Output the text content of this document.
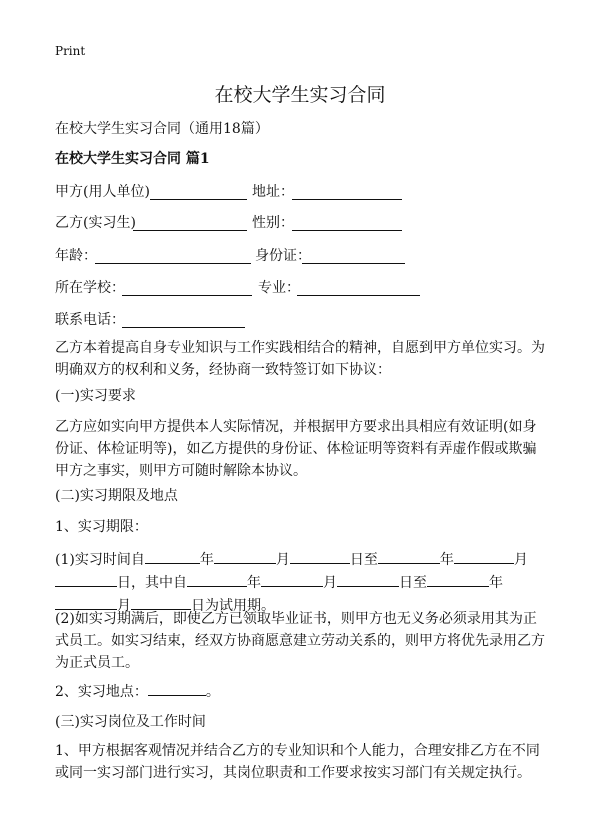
Print
在校大学生实习合同
在校大学生实习合同（通用18篇）
在校大学生实习合同 篇1
甲方(用人单位)	地址：
乙方(实习生)	性别：
年龄：	身份证：
所在学校：	专业：
联系电话：
乙方本着提高自身专业知识与工作实践相结合的精神，自愿到甲方单位实习。为明确双方的权利和义务，经协商一致特签订如下协议：
(一)实习要求
乙方应如实向甲方提供本人实际情况，并根据甲方要求出具相应有效证明(如身份证、体检证明等)，如乙方提供的身份证、体检证明等资料有弄虚作假或欺骗甲方之事实，则甲方可随时解除本协议。
(二)实习期限及地点
1、实习期限：
(1)实习时间自	年	月	日至	年	月
日，其中自	年	月	日至	年
月	日为试用期。
(2)如实习期满后，即使乙方已领取毕业证书，则甲方也无义务必须录用其为正式员工。如实习结束，经双方协商愿意建立劳动关系的，则甲方将优先录用乙方为正式员工。
2、实习地点：	。
(三)实习岗位及工作时间
1、甲方根据客观情况并结合乙方的专业知识和个人能力，合理安排乙方在不同或同一实习部门进行实习，其岗位职责和工作要求按实习部门有关规定执行。
